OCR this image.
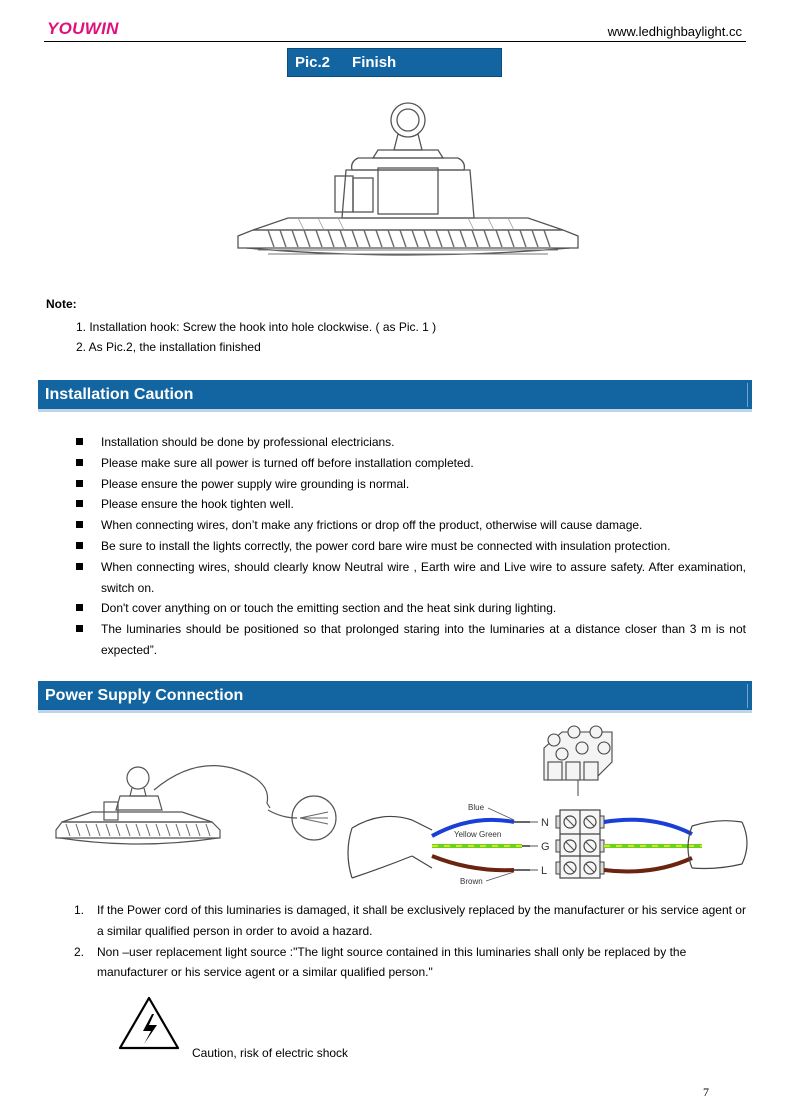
YOUWIN	www.ledhighbaylight.cc
Pic.2 Finish
Note:
1. Installation hook: Screw the hook into hole clockwise. ( as Pic. 1 )
2. As Pic.2, the installation finished
Installation Caution
Installation should be done by professional electricians.
Please make sure all power is turned off before installation completed.
Please ensure the power supply wire grounding is normal.
Please ensure the hook tighten well.
When connecting wires, don’t make any frictions or drop off the product, otherwise will cause damage.
Be sure to install the lights correctly, the power cord bare wire must be connected with insulation protection.
When connecting wires, should clearly know Neutral wire , Earth wire and Live wire to assure safety. After examination, switch on.
Don't cover anything on or touch the emitting section and the heat sink during lighting.
The luminaries should be positioned so that prolonged staring into the luminaries at a distance closer than 3 m is not expected”.
Power Supply Connection
Blue
Yellow Green
Brown
N
G
L
1. If the Power cord of this luminaries is damaged, it shall be exclusively replaced by the manufacturer or his service agent or a similar qualified person in order to avoid a hazard.
2. Non –user replacement light source :"The light source contained in this luminaries shall only be replaced by the manufacturer or his service agent or a similar qualified person."
Caution, risk of electric shock
7
